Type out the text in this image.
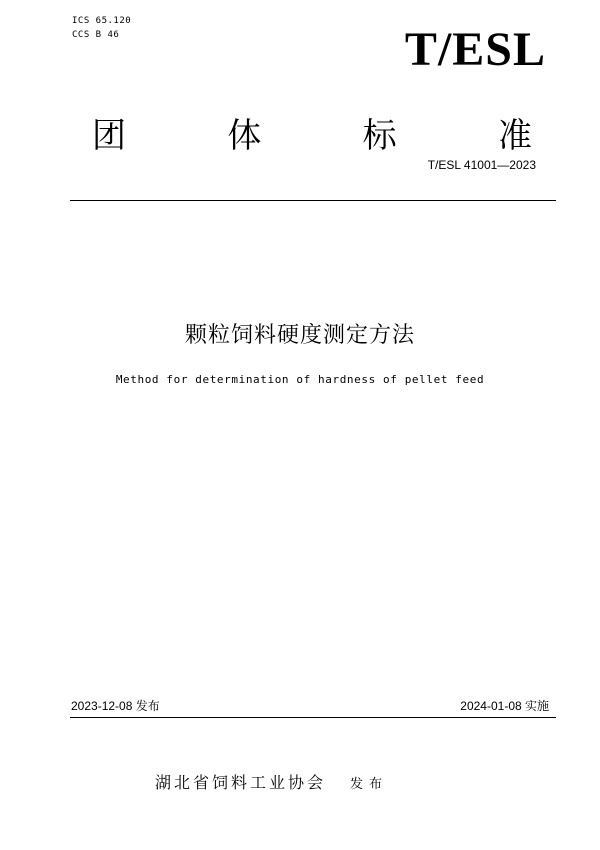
ICS 65.120
CCS B 46	T/ESL
团	体	标	准
T/ESL 41001—2023
颗粒饲料硬度测定方法
Method for determination of hardness of pellet feed
2023-12-08 发布	2024-01-08 实施
湖北省饲料工业协会 发布
